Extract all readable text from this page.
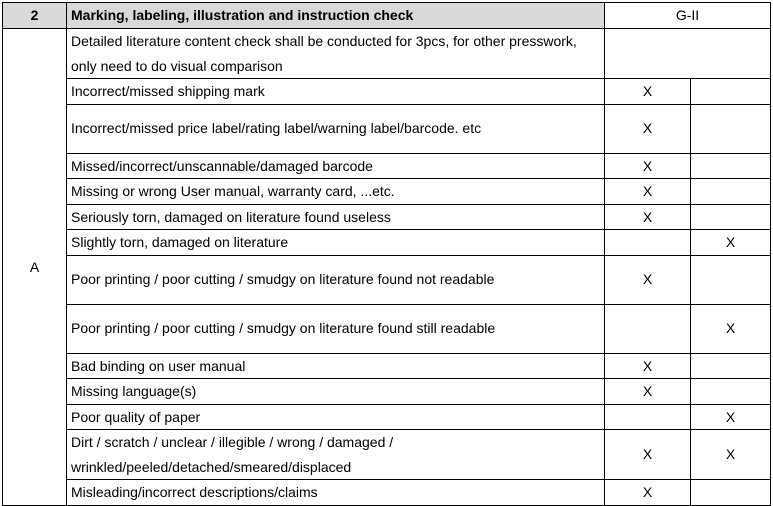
2	Marking, labeling, illustration and instruction check	G-II	
A	Detailed literature content check shall be conducted for 3pcs, for other presswork, only need to do visual comparison		
	Incorrect/missed shipping mark	X	
	Incorrect/missed price label/rating label/warning label/barcode. etc	X	
	Missed/incorrect/unscannable/damaged barcode	X	
	Missing or wrong User manual, warranty card, ...etc.	X	
	Seriously torn, damaged on literature found useless	X	
	Slightly torn, damaged on literature		X
	Poor printing / poor cutting / smudgy on literature found not readable	X	
	Poor printing / poor cutting / smudgy on literature found still readable		X
	Bad binding on user manual	X	
	Missing language(s)	X	
	Poor quality of paper		X
	Dirt / scratch / unclear / illegible / wrong / damaged / wrinkled/peeled/detached/smeared/displaced	X	X
	Misleading/incorrect descriptions/claims	X	
